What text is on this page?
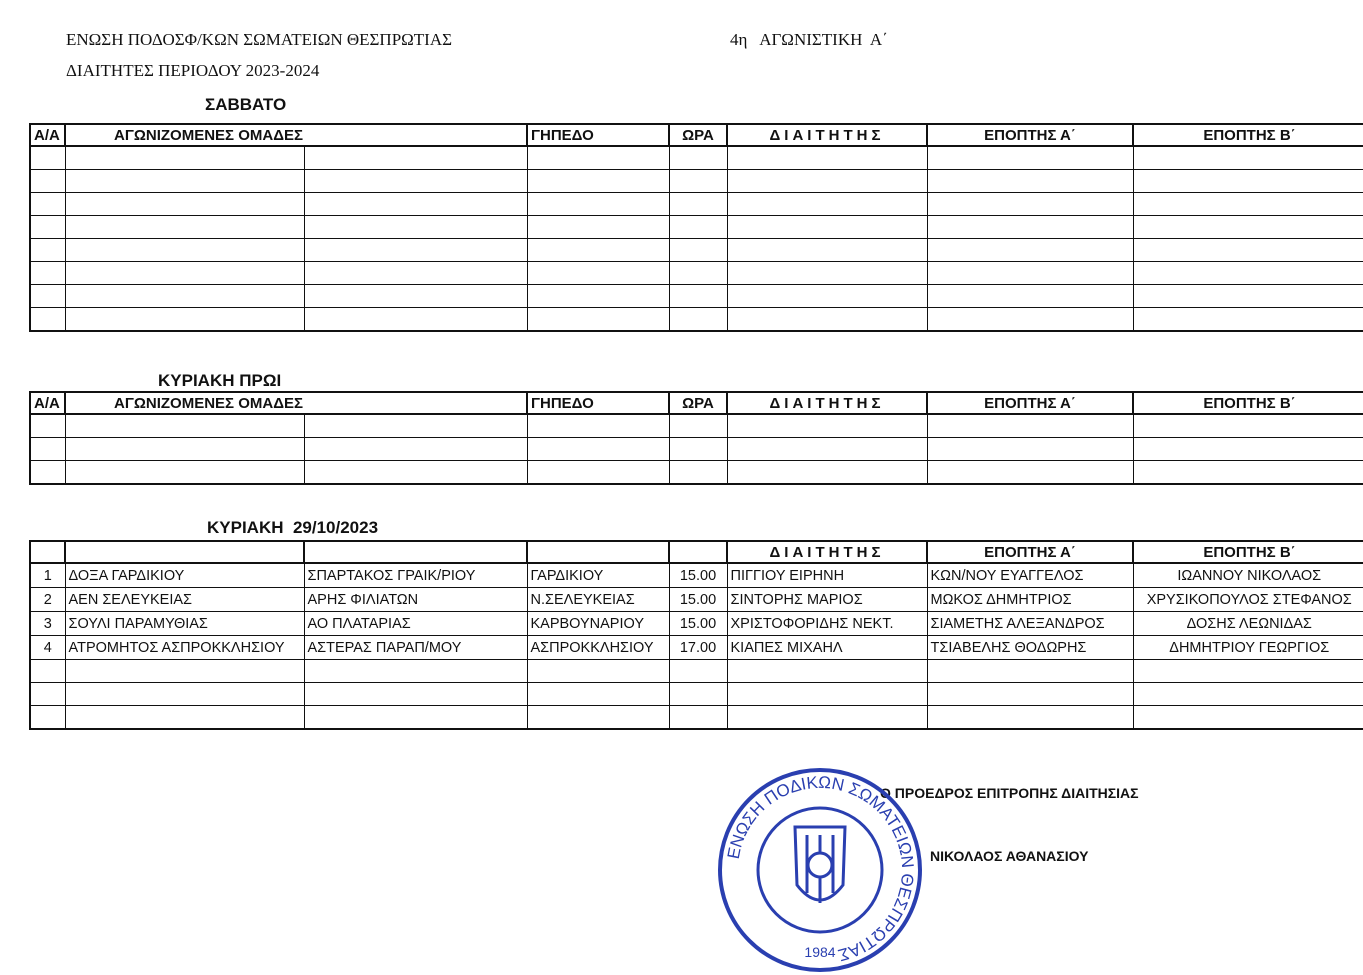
ΕΝΩΣΗ ΠΟΔΟΣΦ/ΚΩΝ ΣΩΜΑΤΕΙΩΝ ΘΕΣΠΡΩΤΙΑΣ
ΔΙΑΙΤΗΤΕΣ ΠΕΡΙΟΔΟΥ 2023-2024
4η   ΑΓΩΝΙΣΤΙΚΗ  Α΄
ΣΑΒΒΑΤΟ
Α/Α	ΑΓΩΝΙΖΟΜΕΝΕΣ ΟΜΑΔΕΣ		ΓΗΠΕΔΟ	ΩΡΑ	ΔΙΑΙΤΗΤΗΣ	ΕΠΟΠΤΗΣ Α΄	ΕΠΟΠΤΗΣ Β΄

ΚΥΡΙΑΚΗ ΠΡΩΙ
Α/Α	ΑΓΩΝΙΖΟΜΕΝΕΣ ΟΜΑΔΕΣ		ΓΗΠΕΔΟ	ΩΡΑ	ΔΙΑΙΤΗΤΗΣ	ΕΠΟΠΤΗΣ Α΄	ΕΠΟΠΤΗΣ Β΄

ΚΥΡΙΑΚΗ  29/10/2023
					ΔΙΑΙΤΗΤΗΣ	ΕΠΟΠΤΗΣ Α΄	ΕΠΟΠΤΗΣ Β΄
1	ΔΟΞΑ ΓΑΡΔΙΚΙΟΥ	ΣΠΑΡΤΑΚΟΣ ΓΡΑΙΚ/ΡΙΟΥ	ΓΑΡΔΙΚΙΟΥ	15.00	ΠΙΓΓΙΟΥ ΕΙΡΗΝΗ	ΚΩΝ/ΝΟΥ ΕΥΑΓΓΕΛΟΣ	ΙΩΑΝΝΟΥ ΝΙΚΟΛΑΟΣ
2	ΑΕΝ ΣΕΛΕΥΚΕΙΑΣ	ΑΡΗΣ ΦΙΛΙΑΤΩΝ	Ν.ΣΕΛΕΥΚΕΙΑΣ	15.00	ΣΙΝΤΟΡΗΣ ΜΑΡΙΟΣ	ΜΩΚΟΣ ΔΗΜΗΤΡΙΟΣ	ΧΡΥΣΙΚΟΠΟΥΛΟΣ ΣΤΕΦΑΝΟΣ
3	ΣΟΥΛΙ ΠΑΡΑΜΥΘΙΑΣ	ΑΟ ΠΛΑΤΑΡΙΑΣ	ΚΑΡΒΟΥΝΑΡΙΟΥ	15.00	ΧΡΙΣΤΟΦΟΡΙΔΗΣ ΝΕΚΤ.	ΣΙΑΜΕΤΗΣ ΑΛΕΞΑΝΔΡΟΣ	ΔΟΣΗΣ ΛΕΩΝΙΔΑΣ
4	ΑΤΡΟΜΗΤΟΣ ΑΣΠΡΟΚΚΛΗΣΙΟΥ	ΑΣΤΕΡΑΣ ΠΑΡΑΠ/ΜΟΥ	ΑΣΠΡΟΚΚΛΗΣΙΟΥ	17.00	ΚΙΑΠΕΣ ΜΙΧΑΗΛ	ΤΣΙΑΒΕΛΗΣ ΘΟΔΩΡΗΣ	ΔΗΜΗΤΡΙΟΥ ΓΕΩΡΓΙΟΣ

Ο ΠΡΟΕΔΡΟΣ ΕΠΙΤΡΟΠΗΣ ΔΙΑΙΤΗΣΙΑΣ
ΝΙΚΟΛΑΟΣ ΑΘΑΝΑΣΙΟΥ
ΕΝΩΣΗ ΠΟΔΙΚΩΝ ΣΩΜΑΤΕΙΩΝ ΘΕΣΠΡΩΤΙΑΣ
1984
